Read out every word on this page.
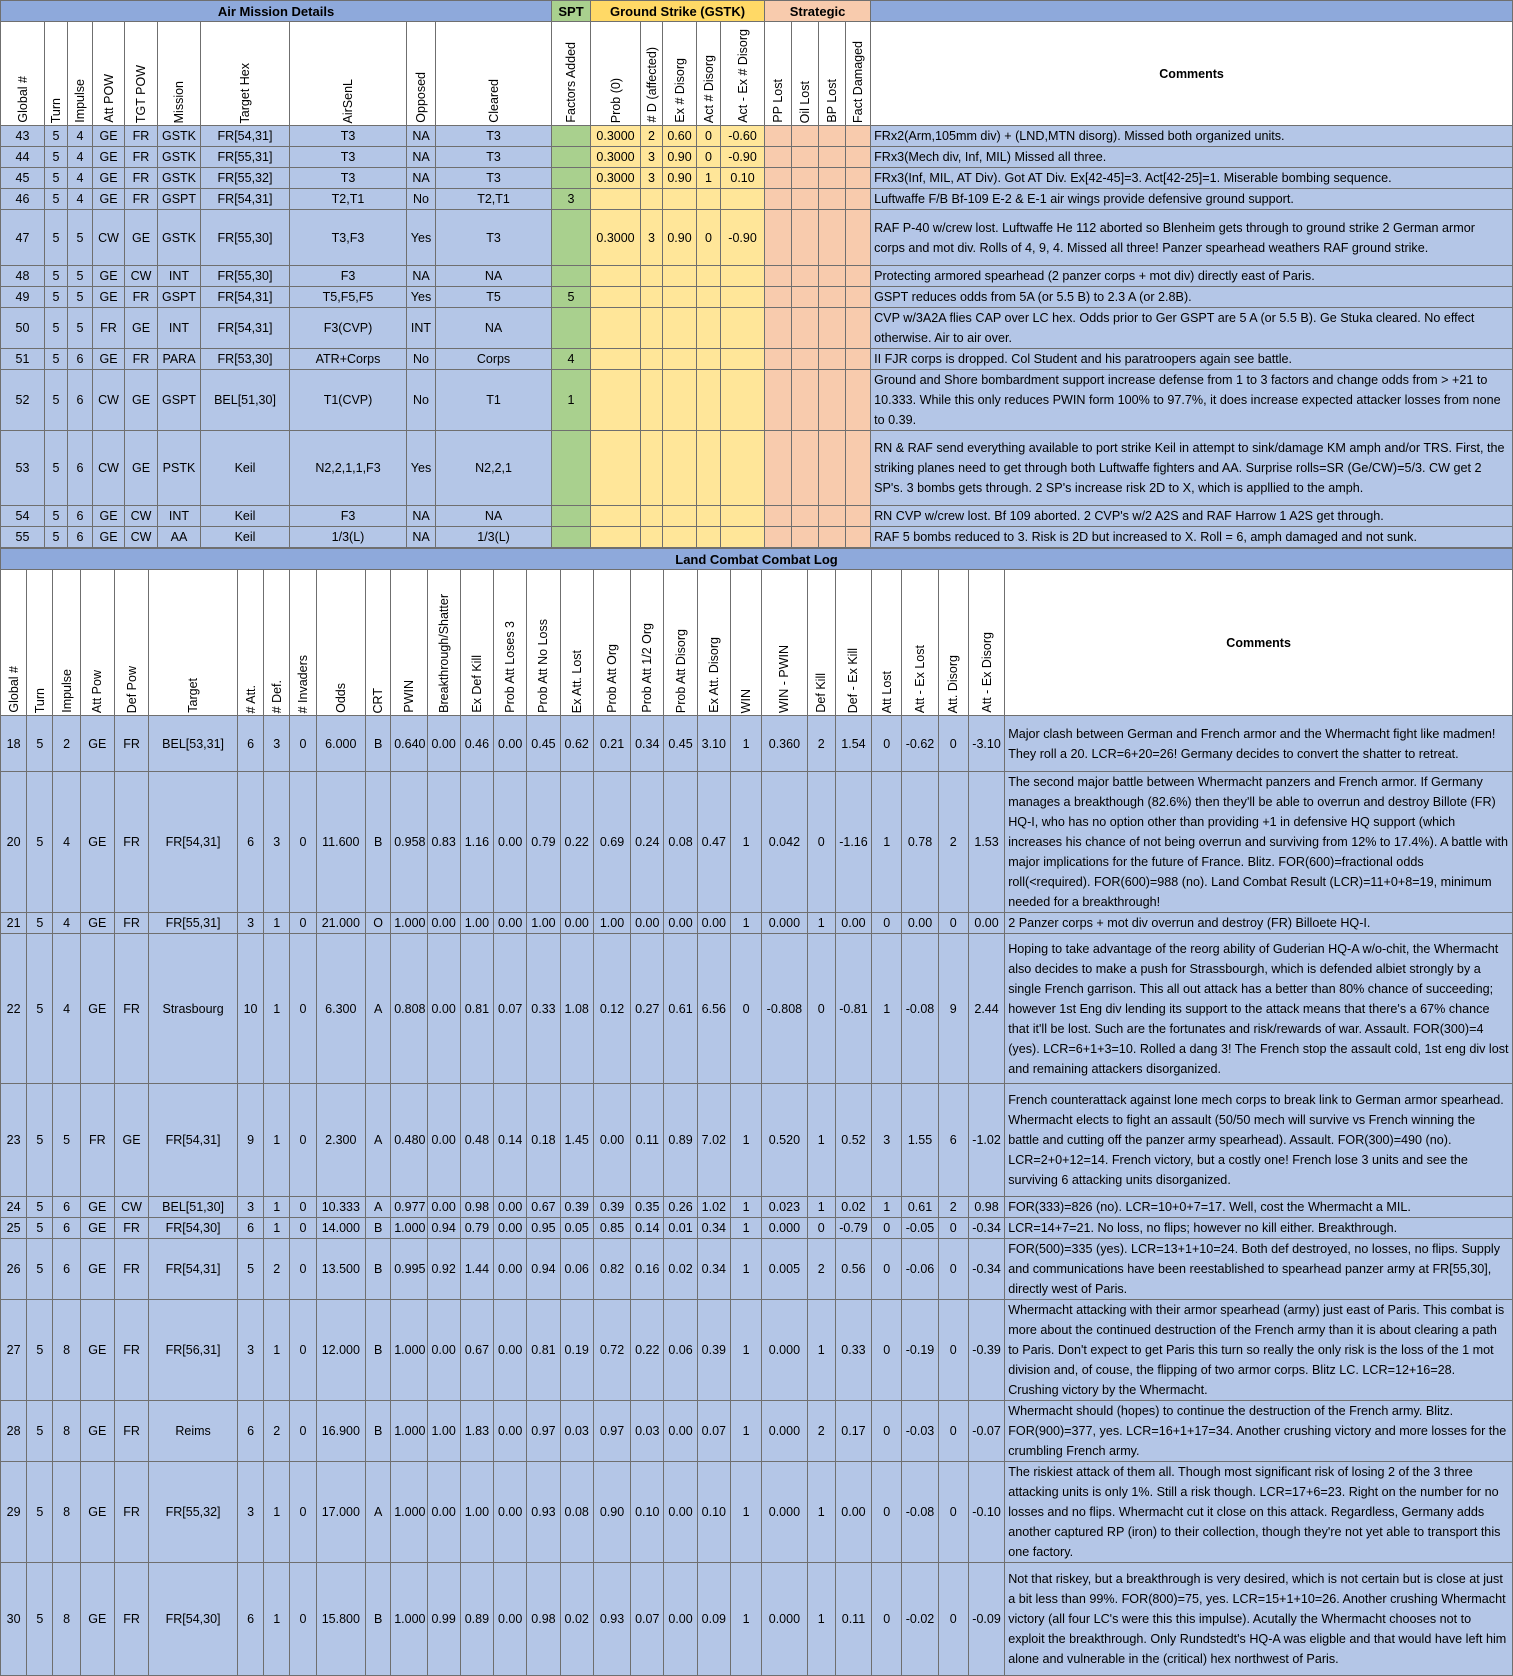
Air Mission Details										SPT	Ground Strike (GSTK)					Strategic				

Global #	Turn	Impulse	Att POW	TGT POW	Mission	Target Hex	AirSenL	Opposed	Cleared	Factors Added	Prob (0)	# D (affected)	Ex # Disorg	Act # Disorg	Act - Ex # Disorg	PP Lost	Oil Lost	BP Lost	Fact Damaged	Comments
43	5	4	GE	FR	GSTK	FR[54,31]	T3	NA	T3		0.3000	2	0.60	0	-0.60					FRx2(Arm,105mm div) + (LND,MTN disorg). Missed both organized units.
44	5	4	GE	FR	GSTK	FR[55,31]	T3	NA	T3		0.3000	3	0.90	0	-0.90					FRx3(Mech div, Inf, MIL) Missed all three.
45	5	4	GE	FR	GSTK	FR[55,32]	T3	NA	T3		0.3000	3	0.90	1	0.10					FRx3(Inf, MIL, AT Div). Got AT Div. Ex[42-45]=3. Act[42-25]=1. Miserable bombing sequence.
46	5	4	GE	FR	GSPT	FR[54,31]	T2,T1	No	T2,T1	3										Luftwaffe F/B Bf-109 E-2 & E-1 air wings provide defensive ground support.
47	5	5	CW	GE	GSTK	FR[55,30]	T3,F3	Yes	T3		0.3000	3	0.90	0	-0.90					RAF P-40 w/crew lost. Luftwaffe He 112 aborted so Blenheim gets through to ground strike 2 German armor corps and mot div. Rolls of 4, 9, 4. Missed all three! Panzer spearhead weathers RAF ground strike.
48	5	5	GE	CW	INT	FR[55,30]	F3	NA	NA											Protecting armored spearhead (2 panzer corps + mot div) directly east of Paris.
49	5	5	GE	FR	GSPT	FR[54,31]	T5,F5,F5	Yes	T5	5										GSPT reduces odds from 5A (or 5.5 B) to 2.3 A (or 2.8B).
50	5	5	FR	GE	INT	FR[54,31]	F3(CVP)	INT	NA											CVP w/3A2A flies CAP over LC hex. Odds prior to Ger GSPT are 5 A (or 5.5 B). Ge Stuka cleared. No effect otherwise. Air to air over.
51	5	6	GE	FR	PARA	FR[53,30]	ATR+Corps	No	Corps	4										II FJR corps is dropped. Col Student and his paratroopers again see battle.
52	5	6	CW	GE	GSPT	BEL[51,30]	T1(CVP)	No	T1	1										Ground and Shore bombardment support increase defense from 1 to 3 factors and change odds from > +21 to 10.333. While this only reduces PWIN form 100% to 97.7%, it does increase expected attacker losses from none to 0.39.
53	5	6	CW	GE	PSTK	Keil	N2,2,1,1,F3	Yes	N2,2,1											RN & RAF send everything available to port strike Keil in attempt to sink/damage KM amph and/or TRS. First, the striking planes need to get through both Luftwaffe fighters and AA. Surprise rolls=SR (Ge/CW)=5/3. CW get 2 SP's. 3 bombs gets through. 2 SP's increase risk 2D to X, which is appllied to the amph.
54	5	6	GE	CW	INT	Keil	F3	NA	NA											RN CVP w/crew lost. Bf 109 aborted. 2 CVP's w/2 A2S and RAF Harrow 1 A2S get through.
55	5	6	GE	CW	AA	Keil	1/3(L)	NA	1/3(L)											RAF 5 bombs reduced to 3. Risk is 2D but increased to X. Roll = 6, amph damaged and not sunk.
Land Combat Combat Log																													

Global #	Turn	Impulse	Att Pow	Def Pow	Target	# Att.	# Def.	# Invaders	Odds	CRT	PWIN	Breakthrough/Shatter	Ex Def Kill	Prob Att Loses 3	Prob Att No Loss	Ex Att. Lost	Prob Att Org	Prob Att 1/2 Org	Prob Att Disorg	Ex Att. Disorg	WIN	WIN - PWIN	Def Kill	Def - Ex Kill	Att Lost	Att - Ex Lost	Att. Disorg	Att - Ex Disorg	Comments
18	5	2	GE	FR	BEL[53,31]	6	3	0	6.000	B	0.640	0.00	0.46	0.00	0.45	0.62	0.21	0.34	0.45	3.10	1	0.360	2	1.54	0	-0.62	0	-3.10	Major clash between German and French armor and the Whermacht fight like madmen! They roll a 20. LCR=6+20=26! Germany decides to convert the shatter to retreat.
20	5	4	GE	FR	FR[54,31]	6	3	0	11.600	B	0.958	0.83	1.16	0.00	0.79	0.22	0.69	0.24	0.08	0.47	1	0.042	0	-1.16	1	0.78	2	1.53	The second major battle between Whermacht panzers and French armor. If Germany manages a breakthough (82.6%) then they'll be able to overrun and destroy Billote (FR) HQ-I, who has no option other than providing +1 in defensive HQ support (which increases his chance of not being overrun and surviving from 12% to 17.4%). A battle with major implications for the future of France. Blitz. FOR(600)=fractional odds roll(<required). FOR(600)=988 (no). Land Combat Result (LCR)=11+0+8=19, minimum needed for a breakthrough!
21	5	4	GE	FR	FR[55,31]	3	1	0	21.000	O	1.000	0.00	1.00	0.00	1.00	0.00	1.00	0.00	0.00	0.00	1	0.000	1	0.00	0	0.00	0	0.00	2 Panzer corps + mot div overrun and destroy (FR) Billoete HQ-I.
22	5	4	GE	FR	Strasbourg	10	1	0	6.300	A	0.808	0.00	0.81	0.07	0.33	1.08	0.12	0.27	0.61	6.56	0	-0.808	0	-0.81	1	-0.08	9	2.44	Hoping to take advantage of the reorg ability of Guderian HQ-A w/o-chit, the Whermacht also decides to make a push for Strassbourgh, which is defended albiet strongly by a single French garrison. This all out attack has a better than 80% chance of succeeding; however 1st Eng div lending its support to the attack means that there's a 67% chance that it'll be lost. Such are the fortunates and risk/rewards of war. Assault. FOR(300)=4 (yes). LCR=6+1+3=10. Rolled a dang 3! The French stop the assault cold, 1st eng div lost and remaining attackers disorganized.
23	5	5	FR	GE	FR[54,31]	9	1	0	2.300	A	0.480	0.00	0.48	0.14	0.18	1.45	0.00	0.11	0.89	7.02	1	0.520	1	0.52	3	1.55	6	-1.02	French counterattack against lone mech corps to break link to German armor spearhead. Whermacht elects to fight an assault (50/50 mech will survive vs French winning the battle and cutting off the panzer army spearhead). Assault. FOR(300)=490 (no). LCR=2+0+12=14. French victory, but a costly one! French lose 3 units and see the surviving 6 attacking units disorganized.
24	5	6	GE	CW	BEL[51,30]	3	1	0	10.333	A	0.977	0.00	0.98	0.00	0.67	0.39	0.39	0.35	0.26	1.02	1	0.023	1	0.02	1	0.61	2	0.98	FOR(333)=826 (no). LCR=10+0+7=17. Well, cost the Whermacht a MIL.
25	5	6	GE	FR	FR[54,30]	6	1	0	14.000	B	1.000	0.94	0.79	0.00	0.95	0.05	0.85	0.14	0.01	0.34	1	0.000	0	-0.79	0	-0.05	0	-0.34	LCR=14+7=21. No loss, no flips; however no kill either. Breakthrough.
26	5	6	GE	FR	FR[54,31]	5	2	0	13.500	B	0.995	0.92	1.44	0.00	0.94	0.06	0.82	0.16	0.02	0.34	1	0.005	2	0.56	0	-0.06	0	-0.34	FOR(500)=335 (yes). LCR=13+1+10=24. Both def destroyed, no losses, no flips. Supply and communications have been reestablished to spearhead panzer army at FR[55,30], directly west of Paris.
27	5	8	GE	FR	FR[56,31]	3	1	0	12.000	B	1.000	0.00	0.67	0.00	0.81	0.19	0.72	0.22	0.06	0.39	1	0.000	1	0.33	0	-0.19	0	-0.39	Whermacht attacking with their armor spearhead (army) just east of Paris. This combat is more about the continued destruction of the French army than it is about clearing a path to Paris. Don't expect to get Paris this turn so really the only risk is the loss of the 1 mot division and, of couse, the flipping of two armor corps. Blitz LC. LCR=12+16=28. Crushing victory by the Whermacht.
28	5	8	GE	FR	Reims	6	2	0	16.900	B	1.000	1.00	1.83	0.00	0.97	0.03	0.97	0.03	0.00	0.07	1	0.000	2	0.17	0	-0.03	0	-0.07	Whermacht should (hopes) to continue the destruction of the French army. Blitz. FOR(900)=377, yes. LCR=16+1+17=34. Another crushing victory and more losses for the crumbling French army.
29	5	8	GE	FR	FR[55,32]	3	1	0	17.000	A	1.000	0.00	1.00	0.00	0.93	0.08	0.90	0.10	0.00	0.10	1	0.000	1	0.00	0	-0.08	0	-0.10	The riskiest attack of them all. Though most significant risk of losing 2 of the 3 three attacking units is only 1%. Still a risk though. LCR=17+6=23. Right on the number for no losses and no flips. Whermacht cut it close on this attack. Regardless, Germany adds another captured RP (iron) to their collection, though they're not yet able to transport this one factory.
30	5	8	GE	FR	FR[54,30]	6	1	0	15.800	B	1.000	0.99	0.89	0.00	0.98	0.02	0.93	0.07	0.00	0.09	1	0.000	1	0.11	0	-0.02	0	-0.09	Not that riskey, but a breakthrough is very desired, which is not certain but is close at just a bit less than 99%. FOR(800)=75, yes. LCR=15+1+10=26. Another crushing Whermacht victory (all four LC's were this this impulse). Acutally the Whermacht chooses not to exploit the breakthrough. Only Rundstedt's HQ-A was eligble and that would have left him alone and vulnerable in the (critical) hex northwest of Paris.
